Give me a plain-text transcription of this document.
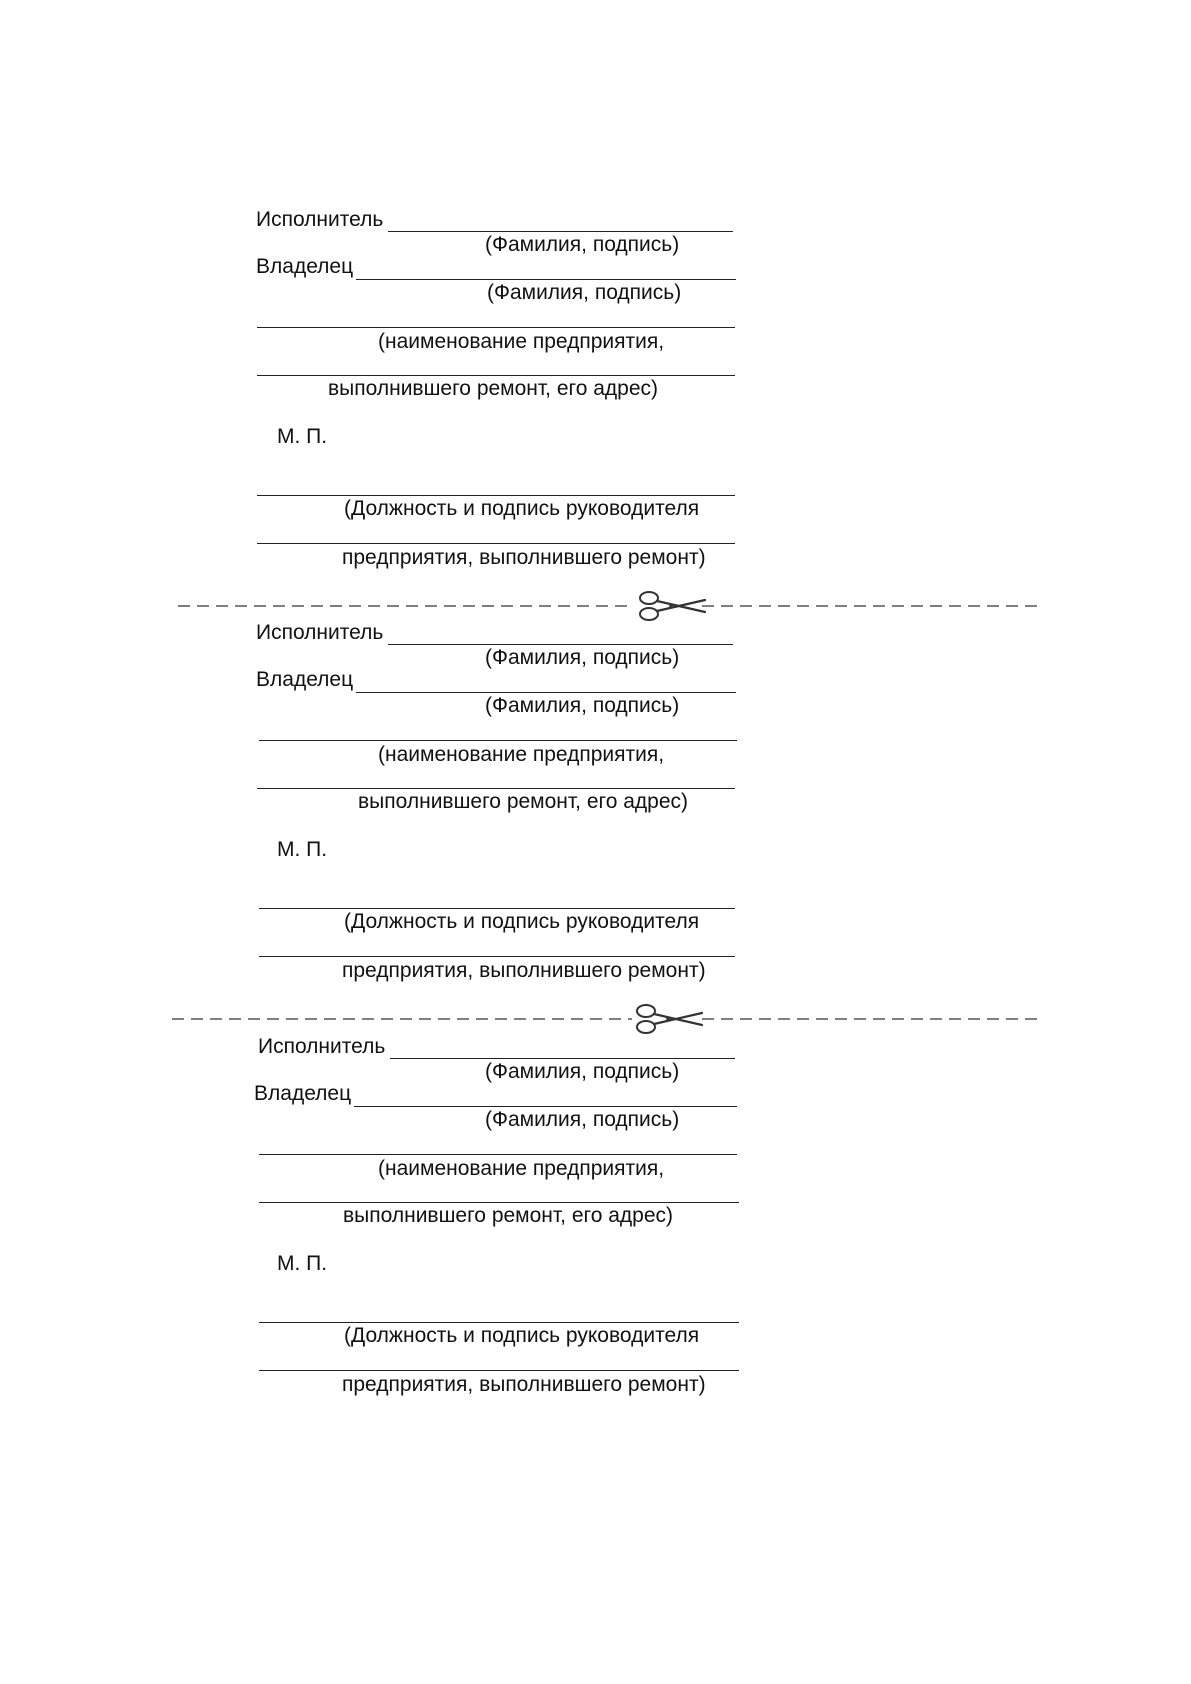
Исполнитель
(Фамилия, подпись)
Владелец
(Фамилия, подпись)
(наименование предприятия,
выполнившего ремонт, его адрес)
М. П.
(Должность и подпись руководителя
предприятия, выполнившего ремонт)
Исполнитель
(Фамилия, подпись)
Владелец
(Фамилия, подпись)
(наименование предприятия,
выполнившего ремонт, его адрес)
М. П.
(Должность и подпись руководителя
предприятия, выполнившего ремонт)
Исполнитель
(Фамилия, подпись)
Владелец
(Фамилия, подпись)
(наименование предприятия,
выполнившего ремонт, его адрес)
М. П.
(Должность и подпись руководителя
предприятия, выполнившего ремонт)
